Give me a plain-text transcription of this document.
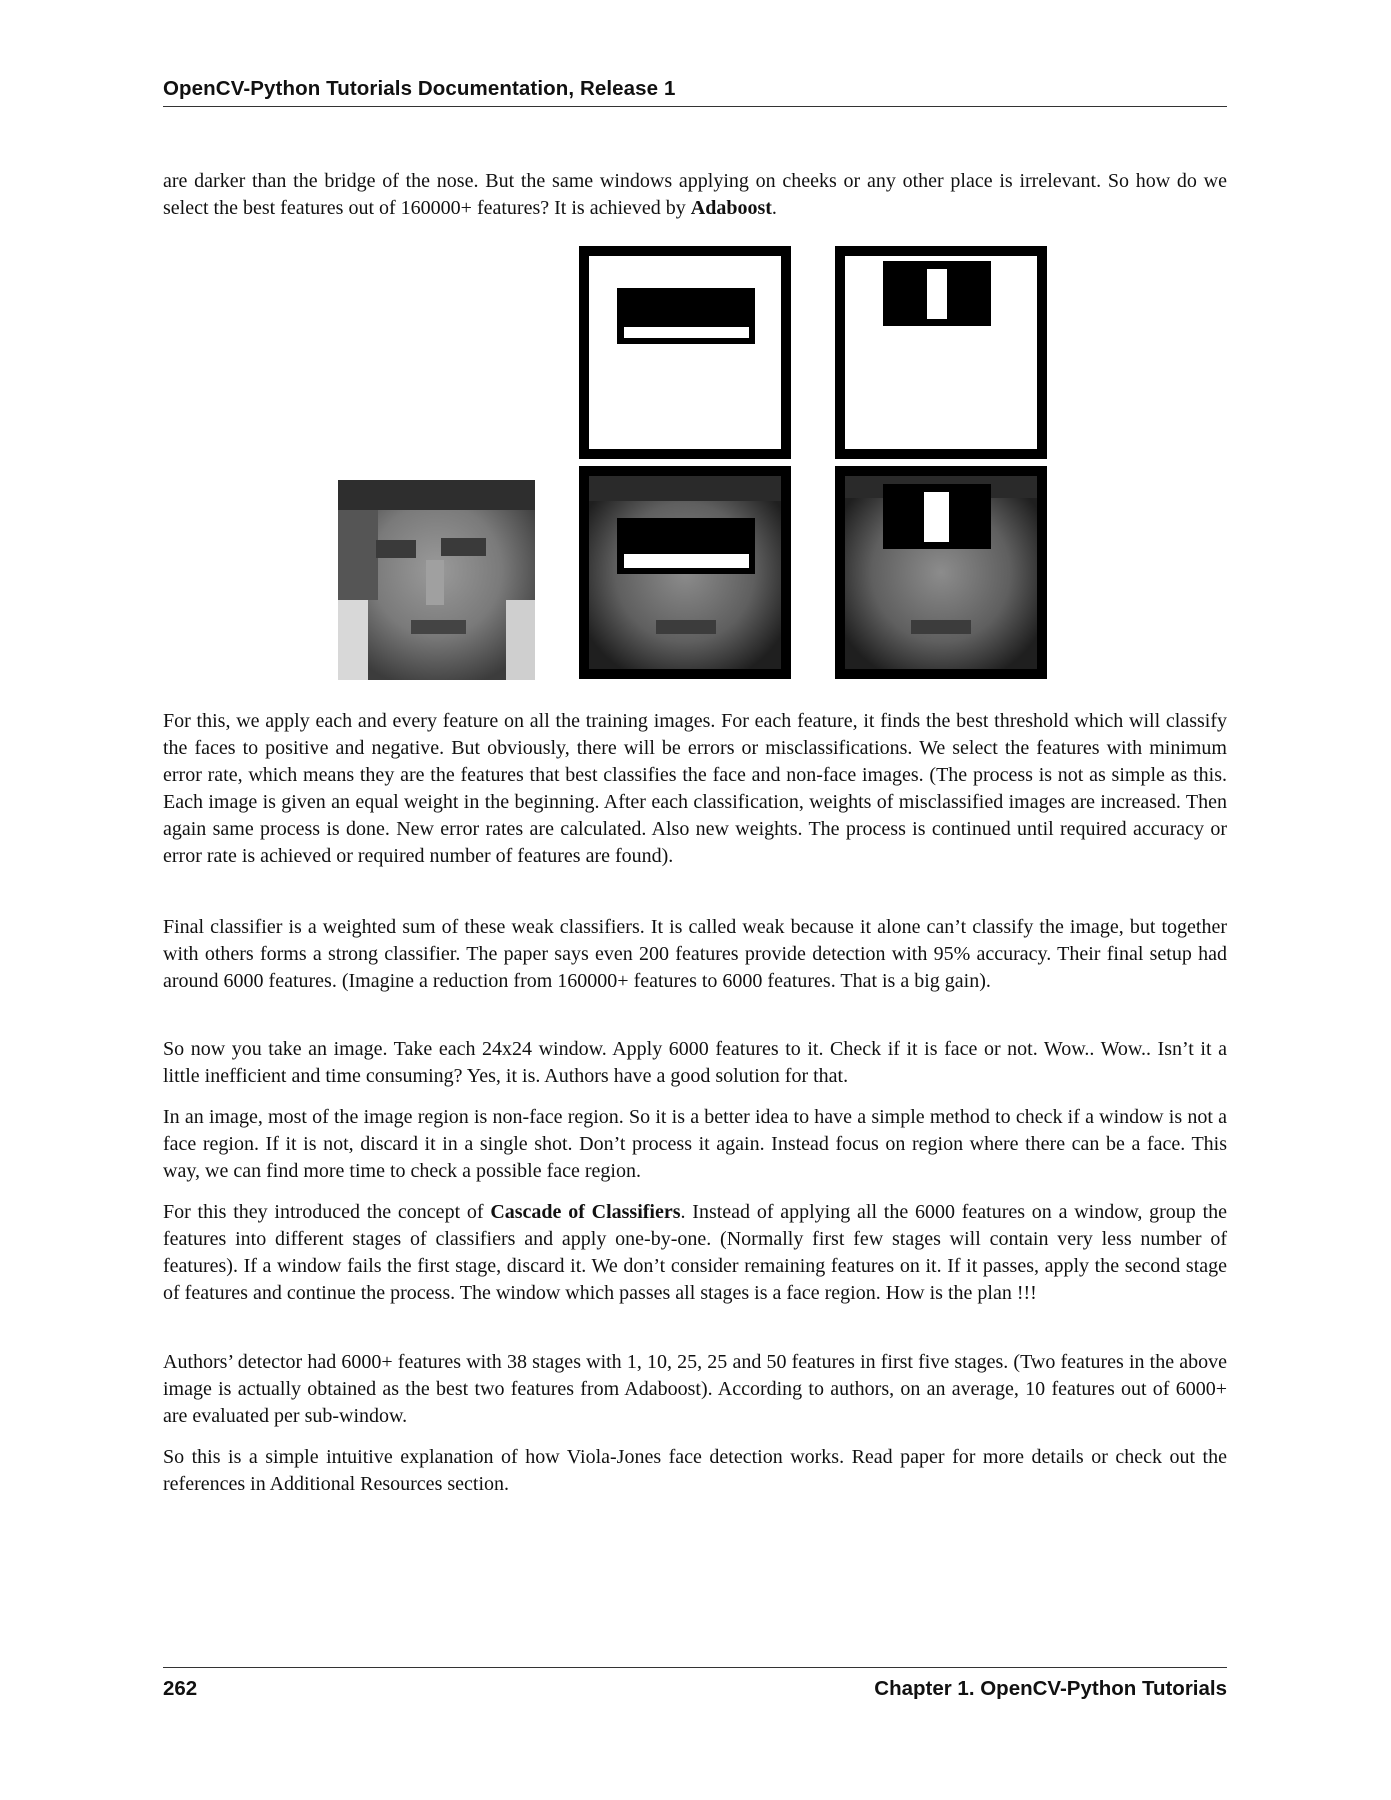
OpenCV-Python Tutorials Documentation, Release 1

are darker than the bridge of the nose. But the same windows applying on cheeks or any other place is irrelevant. So how do we select the best features out of 160000+ features? It is achieved by Adaboost.

For this, we apply each and every feature on all the training images. For each feature, it finds the best threshold which will classify the faces to positive and negative. But obviously, there will be errors or misclassifications. We select the features with minimum error rate, which means they are the features that best classifies the face and non-face images. (The process is not as simple as this. Each image is given an equal weight in the beginning. After each classification, weights of misclassified images are increased. Then again same process is done. New error rates are calculated. Also new weights. The process is continued until required accuracy or error rate is achieved or required number of features are found).

Final classifier is a weighted sum of these weak classifiers. It is called weak because it alone can’t classify the image, but together with others forms a strong classifier. The paper says even 200 features provide detection with 95% accuracy. Their final setup had around 6000 features. (Imagine a reduction from 160000+ features to 6000 features. That is a big gain).

So now you take an image. Take each 24x24 window. Apply 6000 features to it. Check if it is face or not. Wow.. Wow.. Isn’t it a little inefficient and time consuming? Yes, it is. Authors have a good solution for that.

In an image, most of the image region is non-face region. So it is a better idea to have a simple method to check if a window is not a face region. If it is not, discard it in a single shot. Don’t process it again. Instead focus on region where there can be a face. This way, we can find more time to check a possible face region.

For this they introduced the concept of Cascade of Classifiers. Instead of applying all the 6000 features on a window, group the features into different stages of classifiers and apply one-by-one. (Normally first few stages will contain very less number of features). If a window fails the first stage, discard it. We don’t consider remaining features on it. If it passes, apply the second stage of features and continue the process. The window which passes all stages is a face region. How is the plan !!!

Authors’ detector had 6000+ features with 38 stages with 1, 10, 25, 25 and 50 features in first five stages. (Two features in the above image is actually obtained as the best two features from Adaboost). According to authors, on an average, 10 features out of 6000+ are evaluated per sub-window.

So this is a simple intuitive explanation of how Viola-Jones face detection works. Read paper for more details or check out the references in Additional Resources section.

262	Chapter 1. OpenCV-Python Tutorials
